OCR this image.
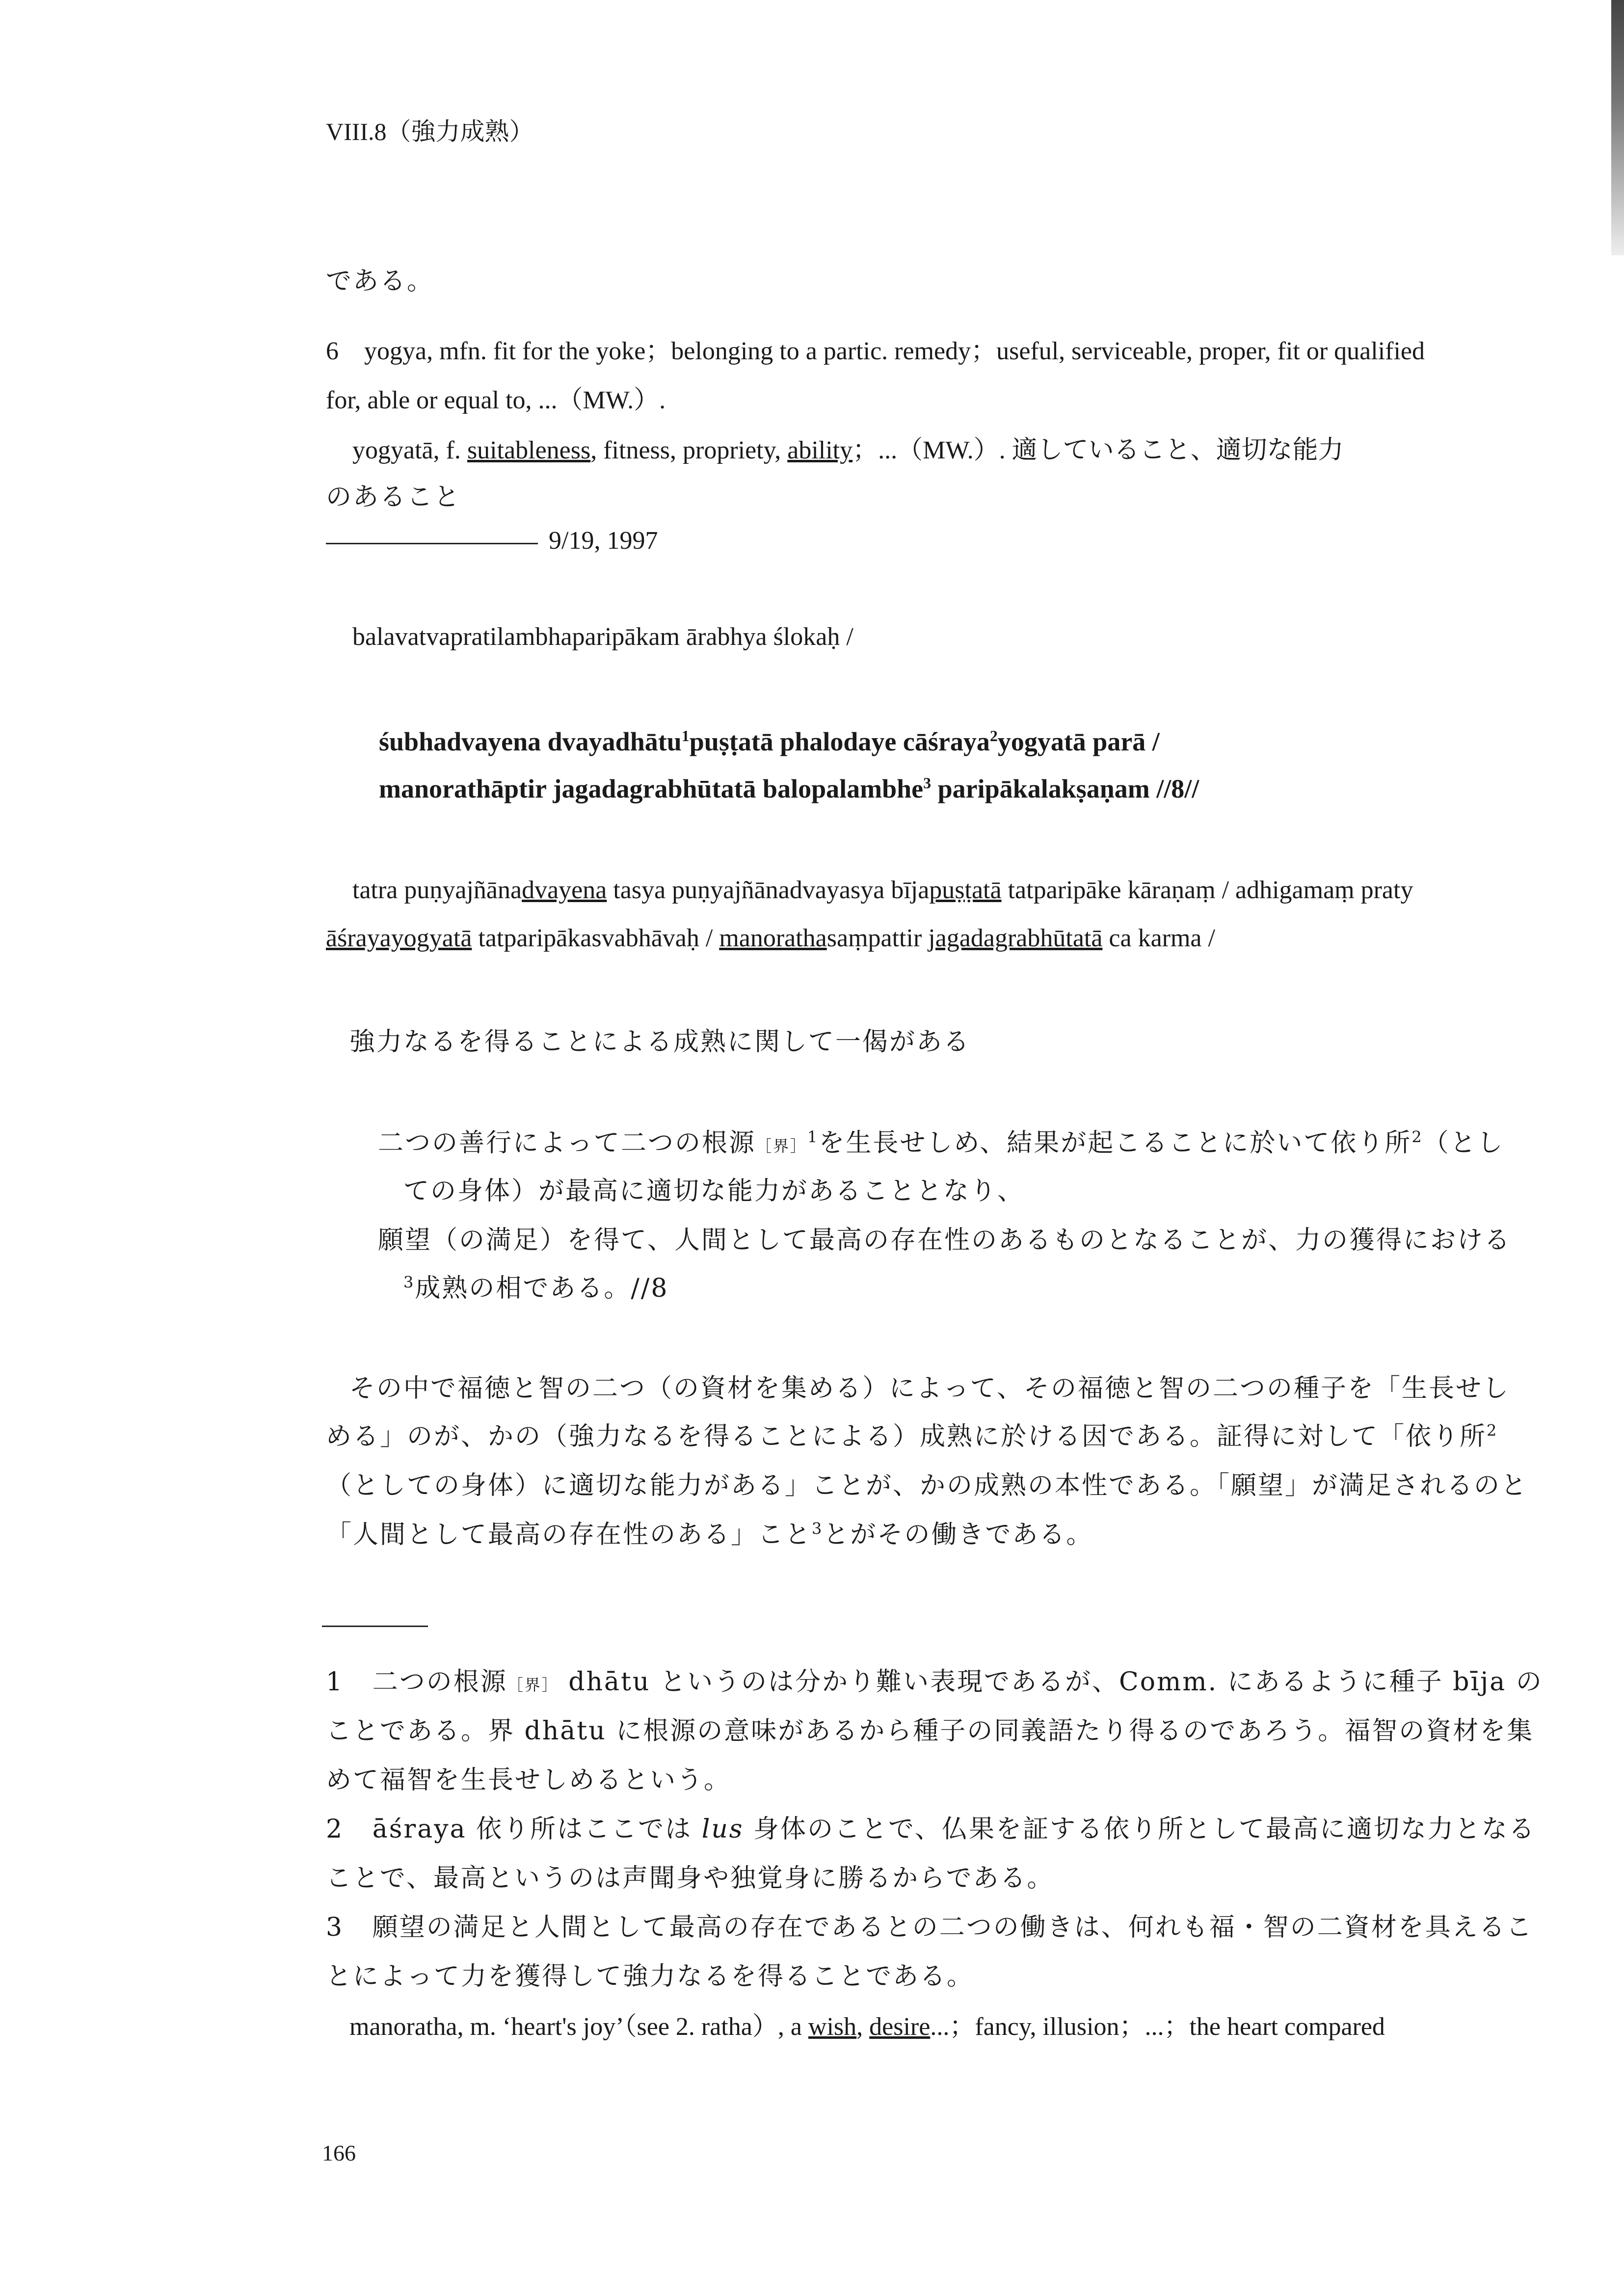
VIII.8（強力成熟）
である。
6 yogya, mfn. fit for the yoke；belonging to a partic. remedy；useful, serviceable, proper, fit or qualified
for, able or equal to, ...（MW.）.
yogyatā, f. suitableness, fitness, propriety, ability；...（MW.）. 適していること、適切な能力
のあること
9/19, 1997
balavatvapratilambhaparipākam ārabhya ślokaḥ /
śubhadvayena dvayadhātu$^1$puṣṭatā phalodaye cāśraya$^2$yogyatā parā /
manorathāptir jagadagrabhūtatā balopalambhe$^3$ paripākalakṣaṇam //8//
tatra puṇyajñānadvayena tasya puṇyajñānadvayasya bījapuṣṭatā tatparipāke kāraṇaṃ / adhigamaṃ praty
āśrayayogyatā tatparipākasvabhāvaḥ / manorathasaṃpattir jagadagrabhūtatā ca karma /
強力なるを得ることによる成熟に関して一偈がある
二つの善行によって二つの根源［界］$^1$を生長せしめ、結果が起こることに於いて依り所$^2$（とし
ての身体）が最高に適切な能力があることとなり、
願望（の満足）を得て、人間として最高の存在性のあるものとなることが、力の獲得における
$^3$成熟の相である。//8
その中で福徳と智の二つ（の資材を集める）によって、その福徳と智の二つの種子を「生長せし
める」のが、かの（強力なるを得ることによる）成熟に於ける因である。証得に対して「依り所$^2$
（としての身体）に適切な能力がある」ことが、かの成熟の本性である。「願望」が満足されるのと
「人間として最高の存在性のある」こと$^3$とがその働きである。
1 二つの根源［界］ dhātu というのは分かり難い表現であるが、Comm. にあるように種子 bīja の
ことである。界 dhātu に根源の意味があるから種子の同義語たり得るのであろう。福智の資材を集
めて福智を生長せしめるという。
2 āśraya 依り所はここでは lus 身体のことで、仏果を証する依り所として最高に適切な力となる
ことで、最高というのは声聞身や独覚身に勝るからである。
3 願望の満足と人間として最高の存在であるとの二つの働きは、何れも福・智の二資材を具えるこ
とによって力を獲得して強力なるを得ることである。
manoratha, m. ‘heart's joy’（see 2. ratha）, a wish, desire...；fancy, illusion；...；the heart compared
166
